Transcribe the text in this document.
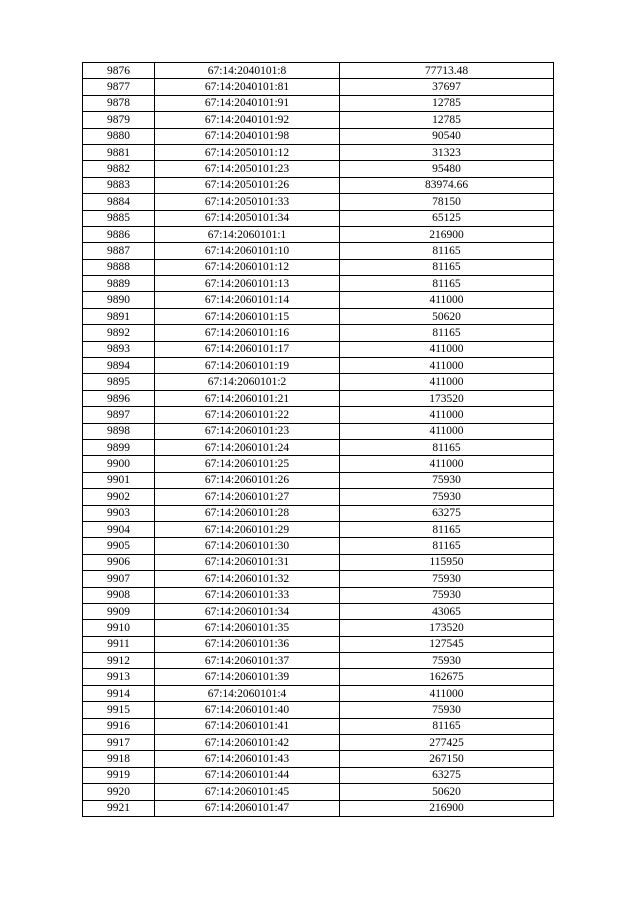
9876	67:14:2040101:8	77713.48
9877	67:14:2040101:81	37697
9878	67:14:2040101:91	12785
9879	67:14:2040101:92	12785
9880	67:14:2040101:98	90540
9881	67:14:2050101:12	31323
9882	67:14:2050101:23	95480
9883	67:14:2050101:26	83974.66
9884	67:14:2050101:33	78150
9885	67:14:2050101:34	65125
9886	67:14:2060101:1	216900
9887	67:14:2060101:10	81165
9888	67:14:2060101:12	81165
9889	67:14:2060101:13	81165
9890	67:14:2060101:14	411000
9891	67:14:2060101:15	50620
9892	67:14:2060101:16	81165
9893	67:14:2060101:17	411000
9894	67:14:2060101:19	411000
9895	67:14:2060101:2	411000
9896	67:14:2060101:21	173520
9897	67:14:2060101:22	411000
9898	67:14:2060101:23	411000
9899	67:14:2060101:24	81165
9900	67:14:2060101:25	411000
9901	67:14:2060101:26	75930
9902	67:14:2060101:27	75930
9903	67:14:2060101:28	63275
9904	67:14:2060101:29	81165
9905	67:14:2060101:30	81165
9906	67:14:2060101:31	115950
9907	67:14:2060101:32	75930
9908	67:14:2060101:33	75930
9909	67:14:2060101:34	43065
9910	67:14:2060101:35	173520
9911	67:14:2060101:36	127545
9912	67:14:2060101:37	75930
9913	67:14:2060101:39	162675
9914	67:14:2060101:4	411000
9915	67:14:2060101:40	75930
9916	67:14:2060101:41	81165
9917	67:14:2060101:42	277425
9918	67:14:2060101:43	267150
9919	67:14:2060101:44	63275
9920	67:14:2060101:45	50620
9921	67:14:2060101:47	216900
